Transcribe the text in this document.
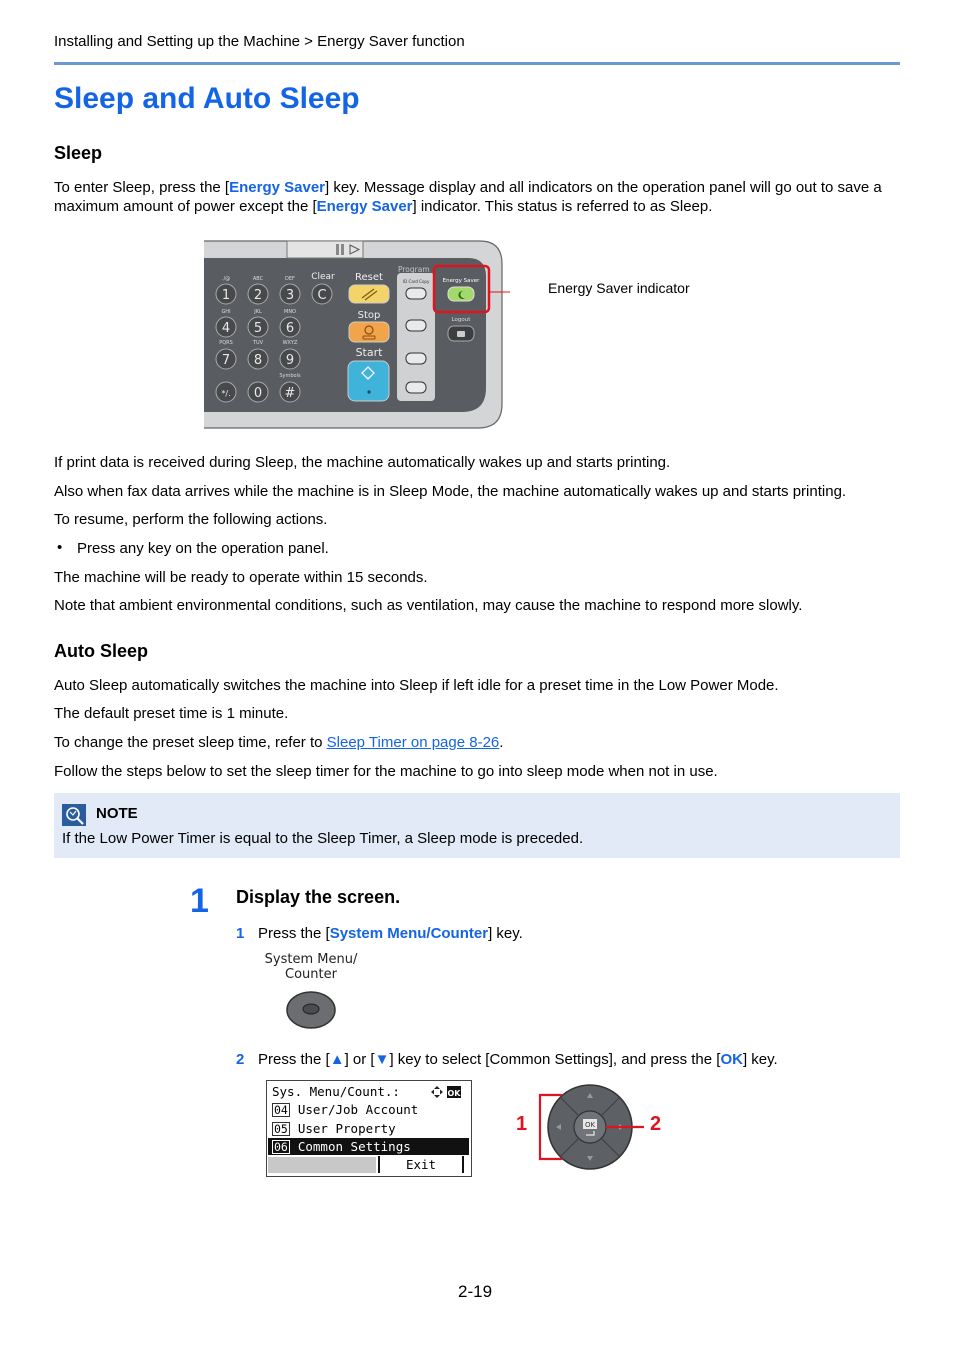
Installing and Setting up the Machine > Energy Saver function
Sleep and Auto Sleep
Sleep

To enter Sleep, press the [Energy Saver] key. Message display and all indicators on the operation panel will go out to save a maximum amount of power except the [Energy Saver] indicator. This status is referred to as Sleep.

./@	ABC	DEF
GHI	JKL	MNO
PQRS	TUV	WXYZ
Symbols
1 2 3
4 5 6
7 8 9
*/. 0 #
C
Clear Reset
Stop
Start
Program
ID Card Copy Energy Saver
Logout
Energy Saver indicator

If print data is received during Sleep, the machine automatically wakes up and starts printing.

Also when fax data arrives while the machine is in Sleep Mode, the machine automatically wakes up and starts printing.

To resume, perform the following actions.

• Press any key on the operation panel.

The machine will be ready to operate within 15 seconds.

Note that ambient environmental conditions, such as ventilation, may cause the machine to respond more slowly.

Auto Sleep

Auto Sleep automatically switches the machine into Sleep if left idle for a preset time in the Low Power Mode.

The default preset time is 1 minute.

To change the preset sleep time, refer to Sleep Timer on page 8-26.

Follow the steps below to set the sleep timer for the machine to go into sleep mode when not in use.

NOTE
If the Low Power Timer is equal to the Sleep Timer, a Sleep mode is preceded.
1 Display the screen.
1 Press the [System Menu/Counter] key.
System Menu/
Counter
2 Press the [▲] or [▼] key to select [Common Settings], and press the [OK] key.
Sys. Menu/Count.:	OK
04 User/Job Account
05 User Property
06 Common Settings
Exit
OK
1	2
2-19
